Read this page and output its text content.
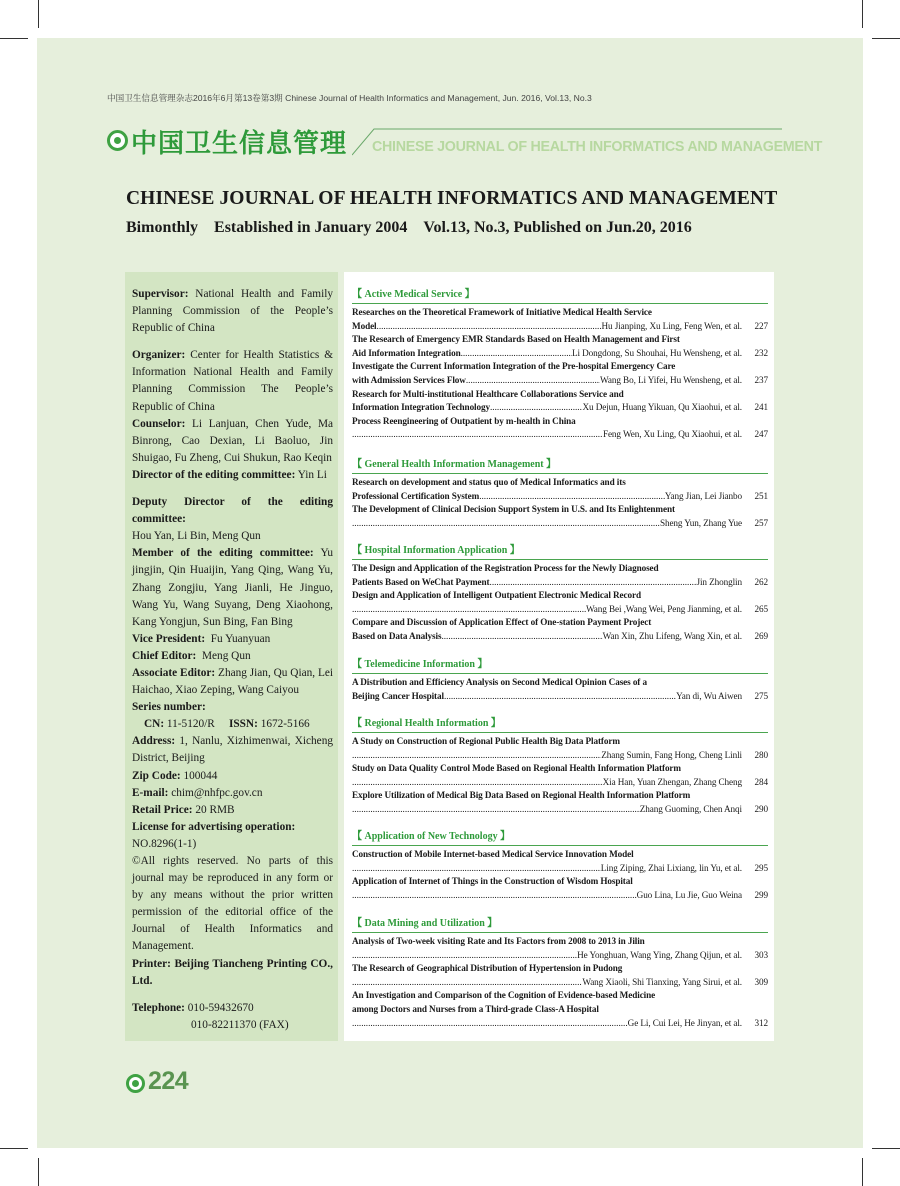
中国卫生信息管理杂志2016年6月第13卷第3期 Chinese Journal of Health Informatics and Management, Jun. 2016, Vol.13, No.3
中国卫生信息管理 CHINESE JOURNAL OF HEALTH INFORMATICS AND MANAGEMENT
CHINESE JOURNAL OF HEALTH INFORMATICS AND MANAGEMENT
Bimonthly Established in January 2004 Vol.13, No.3, Published on Jun.20, 2016

Supervisor: National Health and Family Planning Commission of the People’s Republic of China

Organizer: Center for Health Statistics & Information National Health and Family Planning Commission The People’s Republic of China

Counselor: Li Lanjuan, Chen Yude, Ma Binrong, Cao Dexian, Li Baoluo, Jin Shuigao, Fu Zheng, Cui Shukun, Rao Keqin

Director of the editing committee: Yin Li

Deputy Director of the editing committee:
Hou Yan, Li Bin, Meng Qun

Member of the editing committee: Yu jingjin, Qin Huaijin, Yang Qing, Wang Yu, Zhang Zongjiu, Yang Jianli, He Jinguo, Wang Yu, Wang Suyang, Deng Xiaohong, Kang Yongjun, Sun Bing, Fan Bing

Vice President: Fu Yuanyuan

Chief Editor: Meng Qun

Associate Editor: Zhang Jian, Qu Qian, Lei Haichao, Xiao Zeping, Wang Caiyou

Series number:

CN: 11-5120/R ISSN: 1672-5166

Address: 1, Nanlu, Xizhimenwai, Xicheng District, Beijing

Zip Code: 100044

E-mail: chim@nhfpc.gov.cn

Retail Price: 20 RMB

License for advertising operation:
NO.8296(1-1)

©All rights reserved. No parts of this journal may be reproduced in any form or by any means without the prior written permission of the editorial office of the Journal of Health Informatics and Management.

Printer: Beijing Tiancheng Printing CO., Ltd.

Telephone: 010-59432670

010-82211370 (FAX)

【 Active Medical Service 】
Researches on the Theoretical Framework of Initiative Medical Health Service
Model .....	Hu Jianping, Xu Ling, Feng Wen, et al.	227
The Research of Emergency EMR Standards Based on Health Management and First
Aid Information Integration .....	Li Dongdong, Su Shouhai, Hu Wensheng, et al.	232
Investigate the Current Information Integration of the Pre-hospital Emergency Care
with Admission Services Flow .....	Wang Bo, Li Yifei, Hu Wensheng, et al.	237
Research for Multi-institutional Healthcare Collaborations Service and
Information Integration Technology .....	Xu Dejun, Huang Yikuan, Qu Xiaohui, et al.	241
Process Reengineering of Outpatient by m-health in China
.....
Feng Wen, Xu Ling, Qu Xiaohui, et al.	247
【 General Health Information Management 】
Research on development and status quo of Medical Informatics and its
Professional Certification System .....	Yang Jian, Lei Jianbo	251
The Development of Clinical Decision Support System in U.S. and Its Enlightenment
.....
Sheng Yun, Zhang Yue	257
【 Hospital Information Application 】
The Design and Application of the Registration Process for the Newly Diagnosed
Patients Based on WeChat Payment .....	Jin Zhonglin	262
Design and Application of Intelligent Outpatient Electronic Medical Record
.....
Wang Bei ,Wang Wei, Peng Jianming, et al.	265
Compare and Discussion of Application Effect of One-station Payment Project
Based on Data Analysis .....	Wan Xin, Zhu Lifeng, Wang Xin, et al.	269
【 Telemedicine Information 】
A Distribution and Efficiency Analysis on Second Medical Opinion Cases of a
Beijing Cancer Hospital .....	Yan di, Wu Aiwen	275
【 Regional Health Information 】
A Study on Construction of Regional Public Health Big Data Platform
.....
Zhang Sumin, Fang Hong, Cheng Linli	280
Study on Data Quality Control Mode Based on Regional Health Information Platform
.....
Xia Han, Yuan Zhengan, Zhang Cheng	284
Explore Utilization of Medical Big Data Based on Regional Health Information Platform
.....
Zhang Guoming, Chen Anqi	290
【 Application of New Technology 】
Construction of Mobile Internet-based Medical Service Innovation Model
.....
Ling Ziping, Zhai Lixiang, lin Yu, et al.	295
Application of Internet of Things in the Construction of Wisdom Hospital
.....
Guo Lina, Lu Jie, Guo Weina	299
【 Data Mining and Utilization 】
Analysis of Two-week visiting Rate and Its Factors from 2008 to 2013 in Jilin
.....
He Yonghuan, Wang Ying, Zhang Qijun, et al.	303
The Research of Geographical Distribution of Hypertension in Pudong
.....
Wang Xiaoli, Shi Tianxing, Yang Sirui, et al.	309
An Investigation and Comparison of the Cognition of Evidence-based Medicine
among Doctors and Nurses from a Third-grade Class-A Hospital
.....
Ge Li, Cui Lei, He Jinyan, et al.	312
224
